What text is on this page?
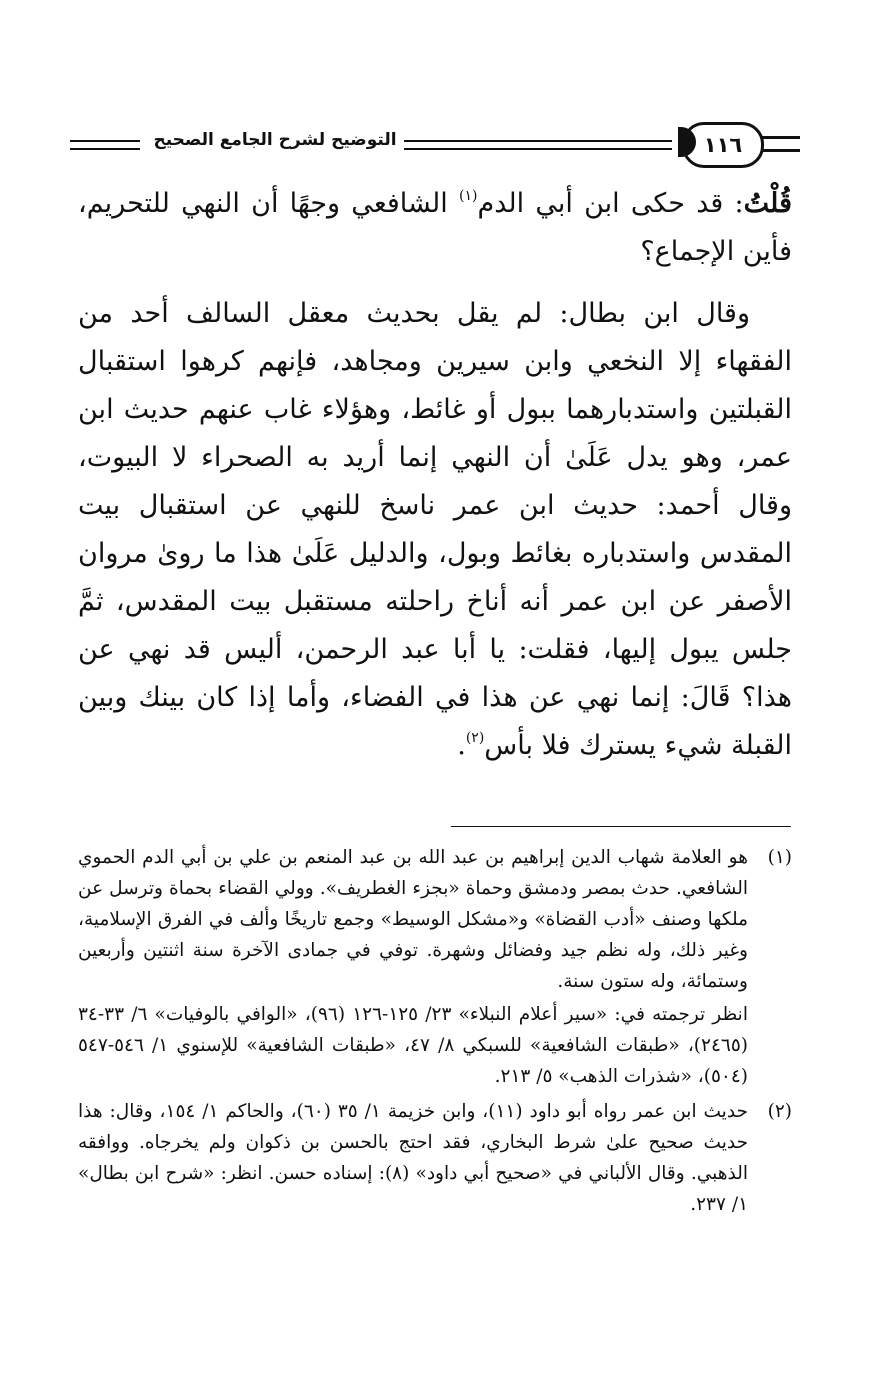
١١٦
التوضيح لشرح الجامع الصحيح

قُلْتُ: قد حكى ابن أبي الدم$^{(١)}$ الشافعي وجهًا أن النهي للتحريم، فأين الإجماع؟

وقال ابن بطال: لم يقل بحديث معقل السالف أحد من الفقهاء إلا النخعي وابن سيرين ومجاهد، فإنهم كرهوا استقبال القبلتين واستدبارهما ببول أو غائط، وهؤلاء غاب عنهم حديث ابن عمر، وهو يدل عَلَىٰ أن النهي إنما أريد به الصحراء لا البيوت، وقال أحمد: حديث ابن عمر ناسخ للنهي عن استقبال بيت المقدس واستدباره بغائط وبول، والدليل عَلَىٰ هذا ما روىٰ مروان الأصفر عن ابن عمر أنه أناخ راحلته مستقبل بيت المقدس، ثمَّ جلس يبول إليها، فقلت: يا أبا عبد الرحمن، أليس قد نهي عن هذا؟ قَالَ: إنما نهي عن هذا في الفضاء، وأما إذا كان بينك وبين القبلة شيء يسترك فلا بأس$^{(٢)}$.

(١)

هو العلامة شهاب الدين إبراهيم بن عبد الله بن عبد المنعم بن علي بن أبي الدم الحموي الشافعي. حدث بمصر ودمشق وحماة «بجزء الغطريف». وولي القضاء بحماة وترسل عن ملكها وصنف «أدب القضاة» و«مشكل الوسيط» وجمع تاريخًا وألف في الفرق الإسلامية، وغير ذلك، وله نظم جيد وفضائل وشهرة. توفي في جمادى الآخرة سنة اثنتين وأربعين وستمائة، وله ستون سنة.

انظر ترجمته في: «سير أعلام النبلاء» ٢٣/ ١٢٥-١٢٦ (٩٦)، «الوافي بالوفيات» ٦/ ٣٣-٣٤ (٢٤٦٥)، «طبقات الشافعية» للسبكي ٨/ ٤٧، «طبقات الشافعية» للإسنوي ١/ ٥٤٦-٥٤٧ (٥٠٤)، «شذرات الذهب» ٥/ ٢١٣.

(٢)

حديث ابن عمر رواه أبو داود (١١)، وابن خزيمة ١/ ٣٥ (٦٠)، والحاكم ١/ ١٥٤، وقال: هذا حديث صحيح علىٰ شرط البخاري، فقد احتج بالحسن بن ذكوان ولم يخرجاه. ووافقه الذهبي. وقال الألباني في «صحيح أبي داود» (٨): إسناده حسن. انظر: «شرح ابن بطال» ١/ ٢٣٧.
